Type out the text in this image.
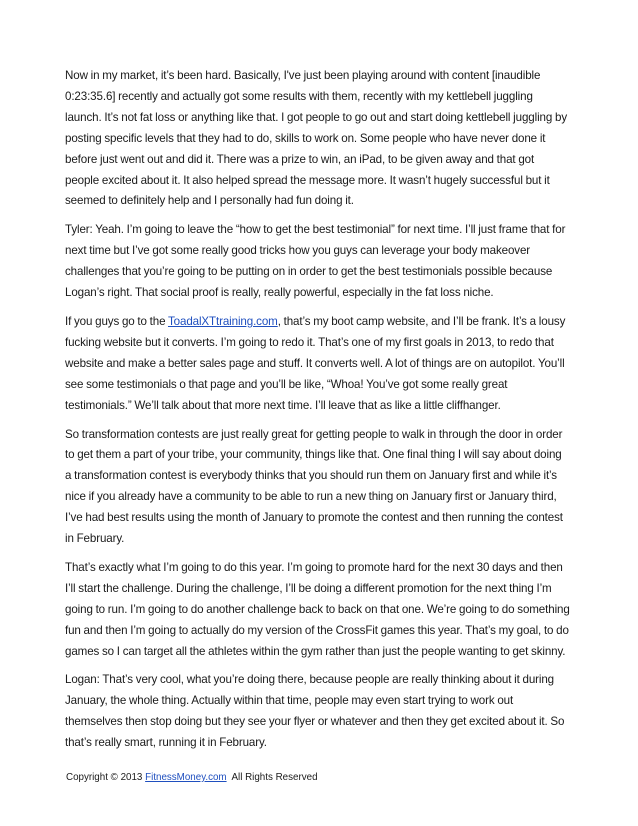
Now in my market, it’s been hard. Basically, I've just been playing around with content [inaudible 0:23:35.6] recently and actually got some results with them, recently with my kettlebell juggling launch. It’s not fat loss or anything like that. I got people to go out and start doing kettlebell juggling by posting specific levels that they had to do, skills to work on. Some people who have never done it before just went out and did it. There was a prize to win, an iPad, to be given away and that got people excited about it. It also helped spread the message more. It wasn’t hugely successful but it seemed to definitely help and I personally had fun doing it.

Tyler: Yeah. I’m going to leave the “how to get the best testimonial” for next time. I’ll just frame that for next time but I’ve got some really good tricks how you guys can leverage your body makeover challenges that you’re going to be putting on in order to get the best testimonials possible because Logan’s right. That social proof is really, really powerful, especially in the fat loss niche.

If you guys go to the ToadalXTtraining.com, that’s my boot camp website, and I’ll be frank. It’s a lousy fucking website but it converts. I’m going to redo it. That’s one of my first goals in 2013, to redo that website and make a better sales page and stuff. It converts well. A lot of things are on autopilot. You’ll see some testimonials o that page and you’ll be like, “Whoa! You’ve got some really great testimonials.” We’ll talk about that more next time. I’ll leave that as like a little cliffhanger.

So transformation contests are just really great for getting people to walk in through the door in order to get them a part of your tribe, your community, things like that. One final thing I will say about doing a transformation contest is everybody thinks that you should run them on January first and while it’s nice if you already have a community to be able to run a new thing on January first or January third, I’ve had best results using the month of January to promote the contest and then running the contest in February.

That’s exactly what I’m going to do this year. I’m going to promote hard for the next 30 days and then I’ll start the challenge. During the challenge, I’ll be doing a different promotion for the next thing I’m going to run. I’m going to do another challenge back to back on that one. We’re going to do something fun and then I’m going to actually do my version of the CrossFit games this year. That’s my goal, to do games so I can target all the athletes within the gym rather than just the people wanting to get skinny.

Logan: That’s very cool, what you’re doing there, because people are really thinking about it during January, the whole thing. Actually within that time, people may even start trying to work out themselves then stop doing but they see your flyer or whatever and then they get excited about it. So that’s really smart, running it in February.

Copyright © 2013 FitnessMoney.com  All Rights Reserved
